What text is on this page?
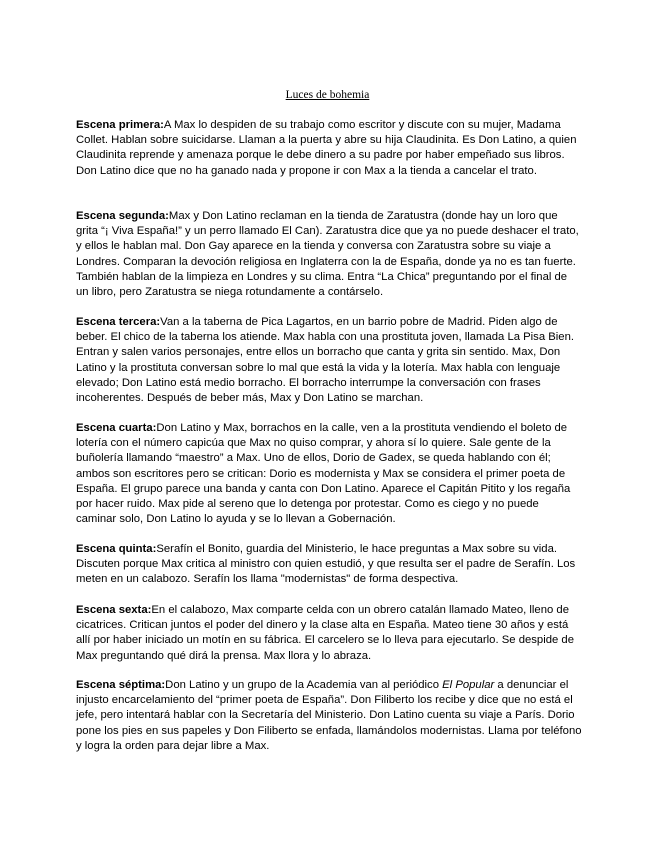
Luces de bohemia

Escena primera:A Max lo despiden de su trabajo como escritor y discute con su mujer, Madama Collet. Hablan sobre suicidarse. Llaman a la puerta y abre su hija Claudinita. Es Don Latino, a quien Claudinita reprende y amenaza porque le debe dinero a su padre por haber empeñado sus libros. Don Latino dice que no ha ganado nada y propone ir con Max a la tienda a cancelar el trato.

Escena segunda:Max y Don Latino reclaman en la tienda de Zaratustra (donde hay un loro que grita “¡ Viva España!” y un perro llamado El Can). Zaratustra dice que ya no puede deshacer el trato, y ellos le hablan mal. Don Gay aparece en la tienda y conversa con Zaratustra sobre su viaje a Londres. Comparan la devoción religiosa en Inglaterra con la de España, donde ya no es tan fuerte. También hablan de la limpieza en Londres y su clima. Entra “La Chica” preguntando por el final de un libro, pero Zaratustra se niega rotundamente a contárselo.

Escena tercera:Van a la taberna de Pica Lagartos, en un barrio pobre de Madrid. Piden algo de beber. El chico de la taberna los atiende. Max habla con una prostituta joven, llamada La Pisa Bien. Entran y salen varios personajes, entre ellos un borracho que canta y grita sin sentido. Max, Don Latino y la prostituta conversan sobre lo mal que está la vida y la lotería. Max habla con lenguaje elevado; Don Latino está medio borracho. El borracho interrumpe la conversación con frases incoherentes. Después de beber más, Max y Don Latino se marchan.

Escena cuarta:Don Latino y Max, borrachos en la calle, ven a la prostituta vendiendo el boleto de lotería con el número capicúa que Max no quiso comprar, y ahora sí lo quiere. Sale gente de la buñolería llamando “maestro” a Max. Uno de ellos, Dorio de Gadex, se queda hablando con él; ambos son escritores pero se critican: Dorio es modernista y Max se considera el primer poeta de España. El grupo parece una banda y canta con Don Latino. Aparece el Capitán Pitito y los regaña por hacer ruido. Max pide al sereno que lo detenga por protestar. Como es ciego y no puede caminar solo, Don Latino lo ayuda y se lo llevan a Gobernación.

Escena quinta:Serafín el Bonito, guardia del Ministerio, le hace preguntas a Max sobre su vida. Discuten porque Max critica al ministro con quien estudió, y que resulta ser el padre de Serafín. Los meten en un calabozo. Serafín los llama "modernistas" de forma despectiva.

Escena sexta:En el calabozo, Max comparte celda con un obrero catalán llamado Mateo, lleno de cicatrices. Critican juntos el poder del dinero y la clase alta en España. Mateo tiene 30 años y está allí por haber iniciado un motín en su fábrica. El carcelero se lo lleva para ejecutarlo. Se despide de Max preguntando qué dirá la prensa. Max llora y lo abraza.

Escena séptima:Don Latino y un grupo de la Academia van al periódico El Popular a denunciar el injusto encarcelamiento del “primer poeta de España”. Don Filiberto los recibe y dice que no está el jefe, pero intentará hablar con la Secretaría del Ministerio. Don Latino cuenta su viaje a París. Dorio pone los pies en sus papeles y Don Filiberto se enfada, llamándolos modernistas. Llama por teléfono y logra la orden para dejar libre a Max.
